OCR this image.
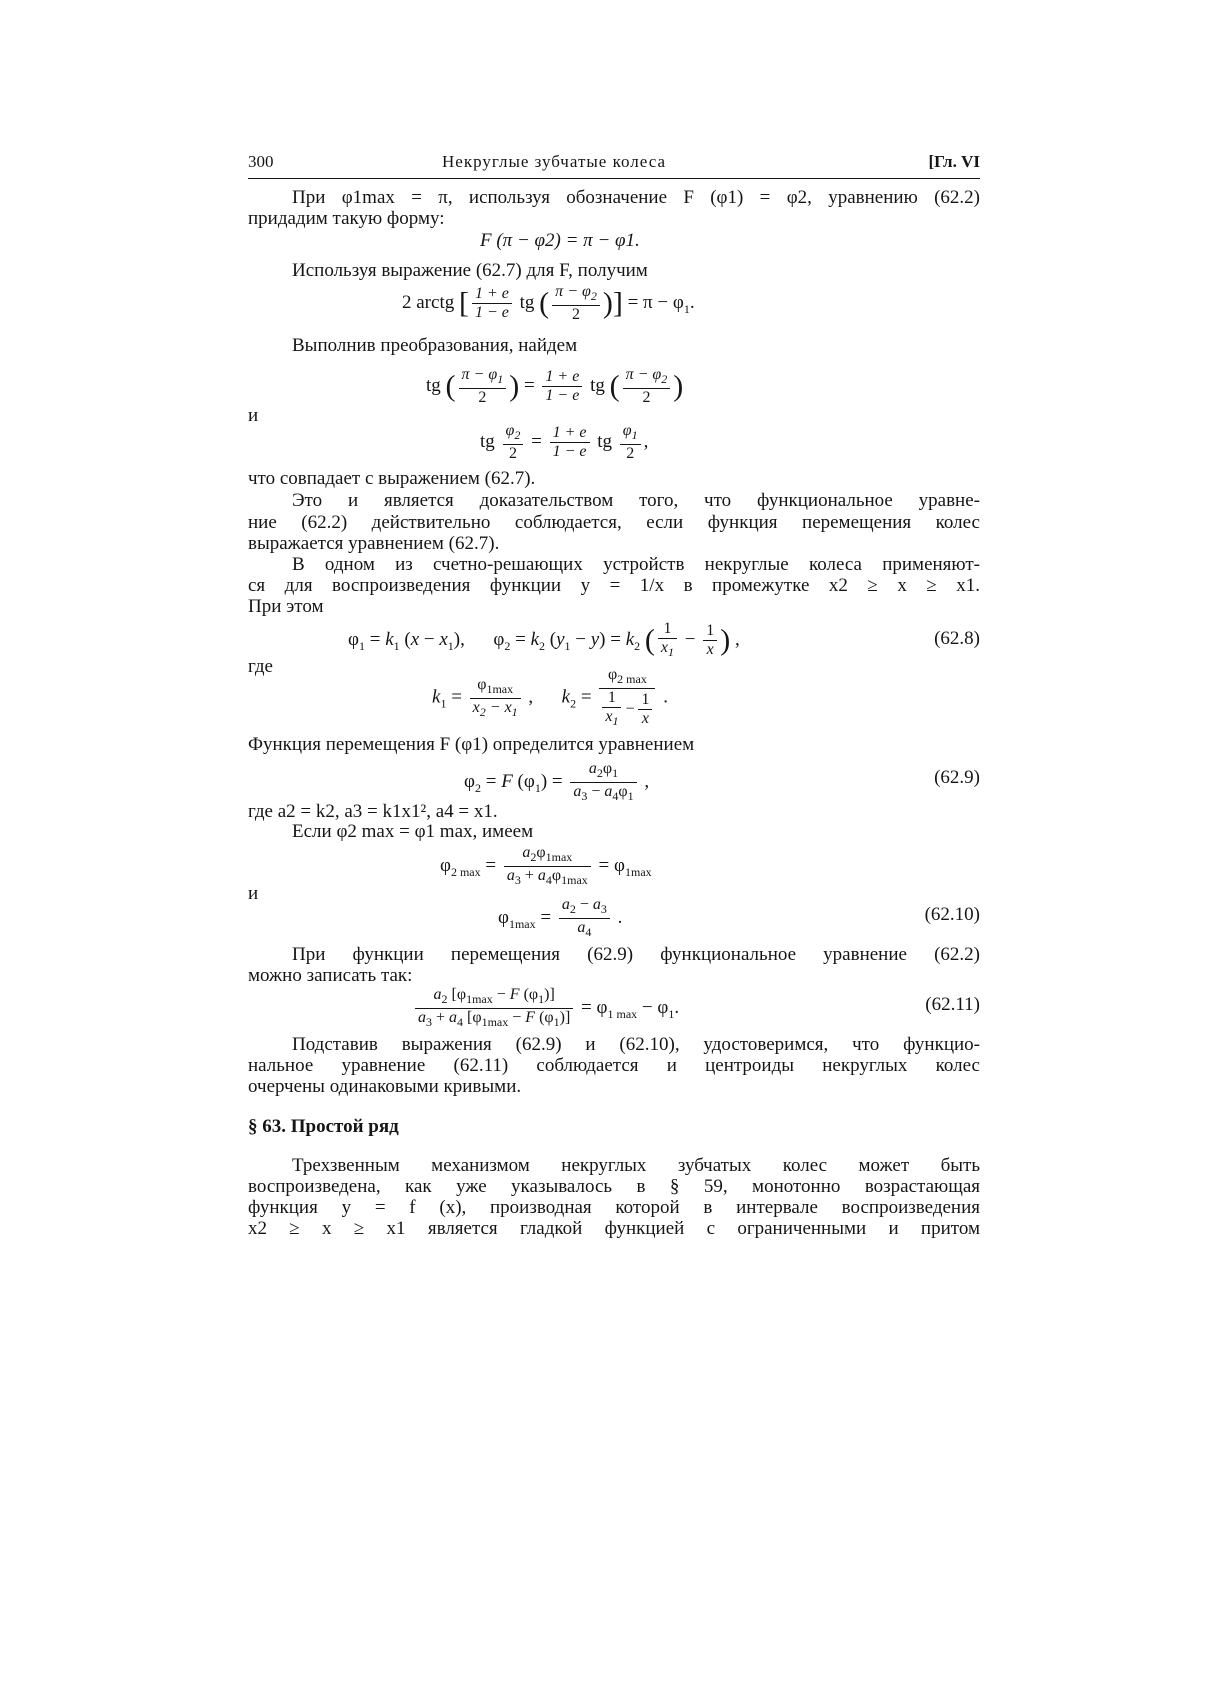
300	Некруглые зубчатые колеса	[Гл. VI
При φ1max = π, используя обозначение F (φ1) = φ2, уравнению (62.2)
придадим такую форму:
F (π − φ2) = π − φ1.
Используя выражение (62.7) для F, получим
2 arctg [ $\frac{1 + e}{1 - e}$ tg ( $\frac{\pi - \varphi_2}{2}$ )] = $\pi - \varphi_1$.
Выполнив преобразования, найдем
tg ( $\frac{\pi - \varphi_1}{2}$ ) = $\frac{1 + e}{1 - e}$ tg ( $\frac{\pi - \varphi_2}{2}$ )
и
tg $\frac{\varphi_2}{2} = \frac{1 + e}{1 - e}$ tg $\frac{\varphi_1}{2}$ ,
что совпадает с выражением (62.7).
Это и является доказательством того, что функциональное уравне-
ние (62.2) действительно соблюдается, если функция перемещения колес
выражается уравнением (62.7).
В одном из счетно-решающих устройств некруглые колеса применяют-
ся для воспроизведения функции y = 1/x в промежутке x2 ≥ x ≥ x1.
При этом
$\varphi_1 = k_1$ $(x - x_1)$,      $\varphi_2 = k_2$ $(y_1 - y) = k_2$ ( $\frac{1}{x_1} - \frac{1}{x}$ ) ,	(62.8)
где
$k_1 = \frac{\varphi_{1max}}{x_2 - x_1}$ ,      $k_2 = \frac{\varphi_{2 max}}{\frac{1}{x_1} - \frac{1}{x}}$ .
Функция перемещения F (φ1) определится уравнением
$\varphi_2 = F$ $(\varphi_1) = \frac{a_2\varphi_1}{a_3 - a_4\varphi_1}$ ,	(62.9)
где a2 = k2, a3 = k1x1², a4 = x1.
Если φ2 max = φ1 max, имеем
$\varphi_{2 max} = \frac{a_2\varphi_{1max}}{a_3 + a_4\varphi_{1max}} = \varphi_{1max}$
и
$\varphi_{1max} = \frac{a_2 - a_3}{a_4}$ .	(62.10)
При функции перемещения (62.9) функциональное уравнение (62.2)
можно записать так:
$\frac{a_2 [\varphi_{1max} - F (\varphi_1)]}{a_3 + a_4 [\varphi_{1max} - F (\varphi_1)]} = \varphi_{1 max} - \varphi_1$.	(62.11)
Подставив выражения (62.9) и (62.10), удостоверимся, что функцио-
нальное уравнение (62.11) соблюдается и центроиды некруглых колес
очерчены одинаковыми кривыми.
§ 63. Простой ряд
Трехзвенным механизмом некруглых зубчатых колес может быть
воспроизведена, как уже указывалось в § 59, монотонно возрастающая
функция y = f (x), производная которой в интервале воспроизведения
x2 ≥ x ≥ x1 является гладкой функцией с ограниченными и притом
